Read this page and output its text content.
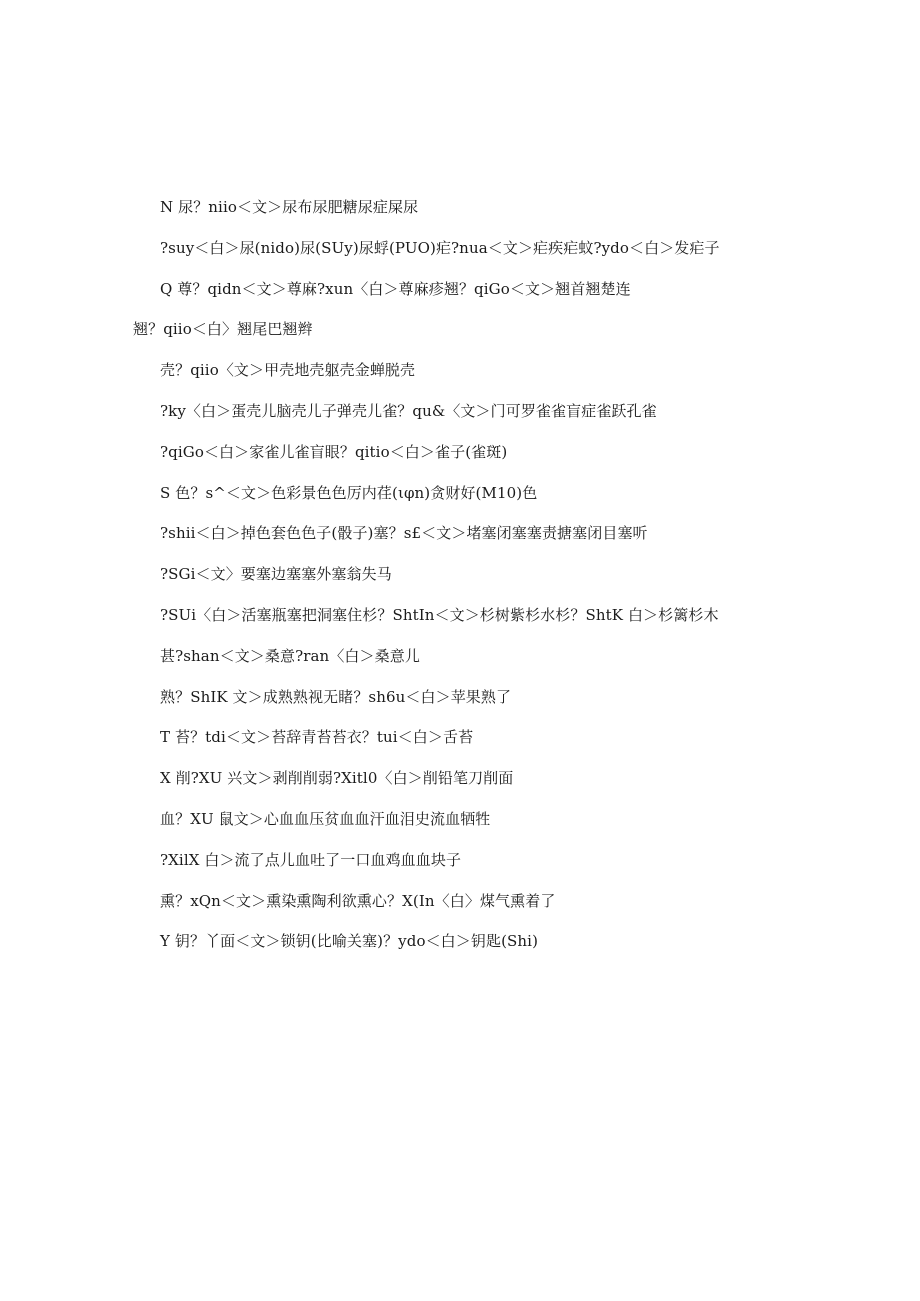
N 尿？niio＜文＞尿布尿肥糖尿症屎尿

?suy＜白＞尿(nido)尿(SUy)尿蜉(PUO)疟?nua＜文＞疟疾疟蚊?ydo＜白＞发疟子

Q 尊？qidn＜文＞尊麻?xun〈白＞尊麻疹翘？qiGo＜文＞翘首翘楚连

翘？qiio＜白〉翘尾巴翘辫

壳？qiio〈文＞甲壳地壳躯壳金蝉脱壳

?ky〈白＞蛋壳儿脑壳儿子弹壳儿雀？qu&〈文＞门可罗雀雀盲症雀跃孔雀

?qiGo＜白＞家雀儿雀盲眼？qitio＜白＞雀子(雀斑)

S 色？s^＜文＞色彩景色色厉内荏(ιφn)贪财好(M10)色

?shii＜白＞掉色套色色子(骰子)塞？s£＜文＞堵塞闭塞塞责搪塞闭目塞听

?SGi＜文〉要塞边塞塞外塞翁失马

?SUi〈白＞活塞瓶塞把洞塞住杉？ShtIn＜文＞杉树紫杉水杉？ShtK 白＞杉篱杉木

甚?shan＜文＞桑意?ran〈白＞桑意儿

熟？ShIK 文＞成熟熟视无睹？sh6u＜白＞苹果熟了

T 苔？tdi＜文＞苔辞青苔苔衣？tui＜白＞舌苔

X 削?XU 兴文＞剥削削弱?Xitl0〈白＞削铅笔刀削面

血？XU 鼠文＞心血血压贫血血汗血泪史流血牺牲

?XilX 白＞流了点儿血吐了一口血鸡血血块子

熏？xQn＜文＞熏染熏陶利欲熏心？X(In〈白〉煤气熏着了

Y 钥？丫面＜文＞锁钥(比喻关塞)？ydo＜白＞钥匙(Shi)
